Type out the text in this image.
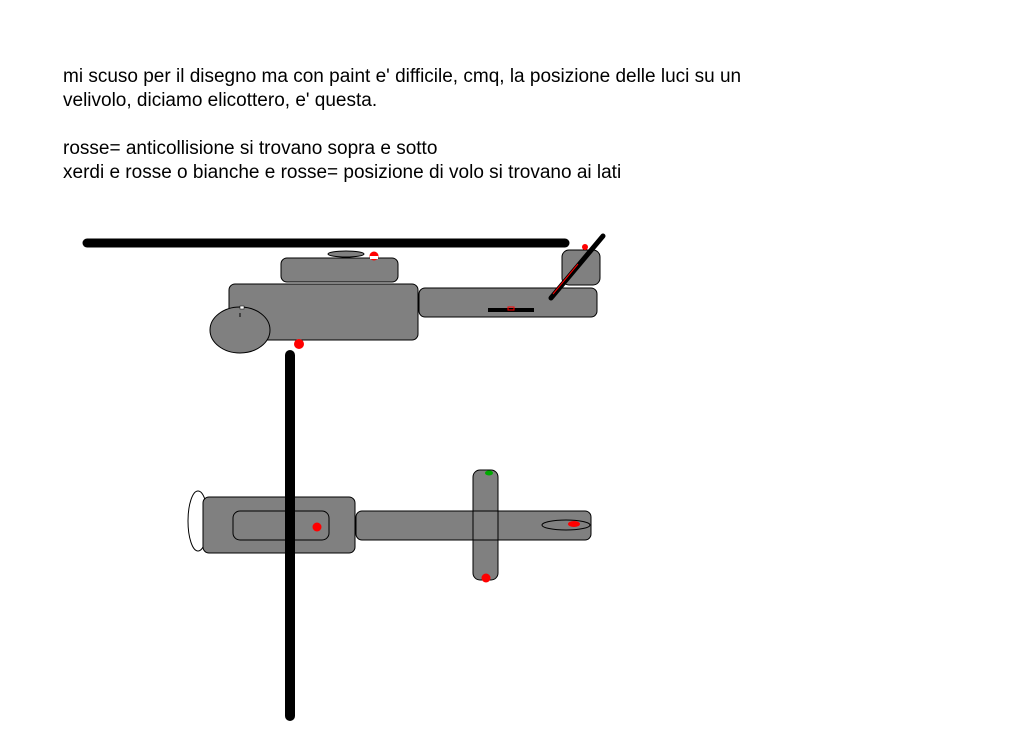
mi scuso per il disegno ma con paint e' difficile, cmq, la posizione delle luci su un

velivolo, diciamo elicottero, e' questa.

rosse= anticollisione si trovano sopra e sotto

xerdi e rosse o bianche e rosse= posizione di volo si trovano ai lati
